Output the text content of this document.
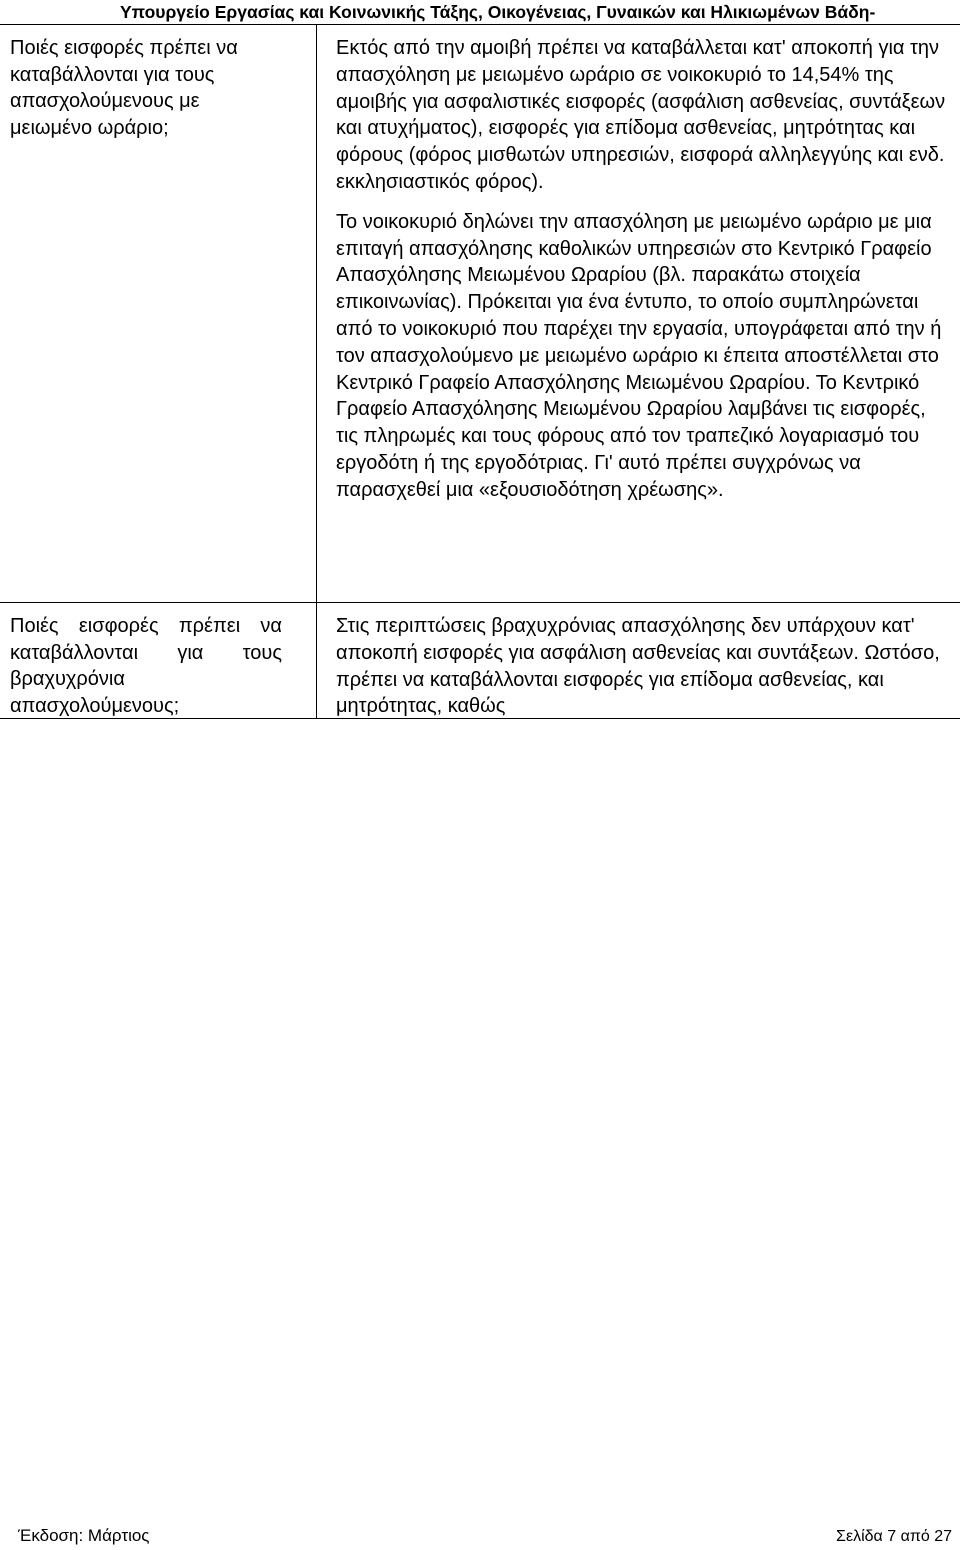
Υπουργείο Εργασίας και Κοινωνικής Τάξης, Οικογένειας, Γυναικών και Ηλικιωμένων Βάδη-
Ποιές εισφορές πρέπει να καταβάλλονται για τους απασχολούμενους με μειωμένο ωράριο;

Εκτός από την αμοιβή πρέπει να καταβάλλεται κατ' αποκοπή για την απασχόληση με μειωμένο ωράριο σε νοικοκυριό το 14,54% της αμοιβής για ασφαλιστικές εισφορές (ασφάλιση ασθενείας, συντάξεων και ατυχήματος), εισφορές για επίδομα ασθενείας, μητρότητας και φόρους (φόρος μισθωτών υπηρεσιών, εισφορά αλληλεγγύης και ενδ. εκκλησιαστικός φόρος).

Το νοικοκυριό δηλώνει την απασχόληση με μειωμένο ωράριο με μια επιταγή απασχόλησης καθολικών υπηρεσιών στο Κεντρικό Γραφείο Απασχόλησης Μειωμένου Ωραρίου (βλ. παρακάτω στοιχεία επικοινωνίας). Πρόκειται για ένα έντυπο, το οποίο συμπληρώνεται από το νοικοκυριό που παρέχει την εργασία, υπογράφεται από την ή τον απασχολούμενο με μειωμένο ωράριο κι έπειτα αποστέλλεται στο Κεντρικό Γραφείο Απασχόλησης Μειωμένου Ωραρίου. Το Κεντρικό Γραφείο Απασχόλησης Μειωμένου Ωραρίου λαμβάνει τις εισφορές, τις πληρωμές και τους φόρους από τον τραπεζικό λογαριασμό του εργοδότη ή της εργοδότριας. Γι' αυτό πρέπει συγχρόνως να παρασχεθεί μια «εξουσιοδότηση χρέωσης».

Ποιές εισφορές πρέπει να καταβάλλονται για τους βραχυχρόνια απασχολούμενους;

Στις περιπτώσεις βραχυχρόνιας απασχόλησης δεν υπάρχουν κατ' αποκοπή εισφορές για ασφάλιση ασθενείας και συντάξεων. Ωστόσο, πρέπει να καταβάλλονται εισφορές για επίδομα ασθενείας, και μητρότητας, καθώς

Έκδοση: Μάρτιος	Σελίδα 7 από 27
